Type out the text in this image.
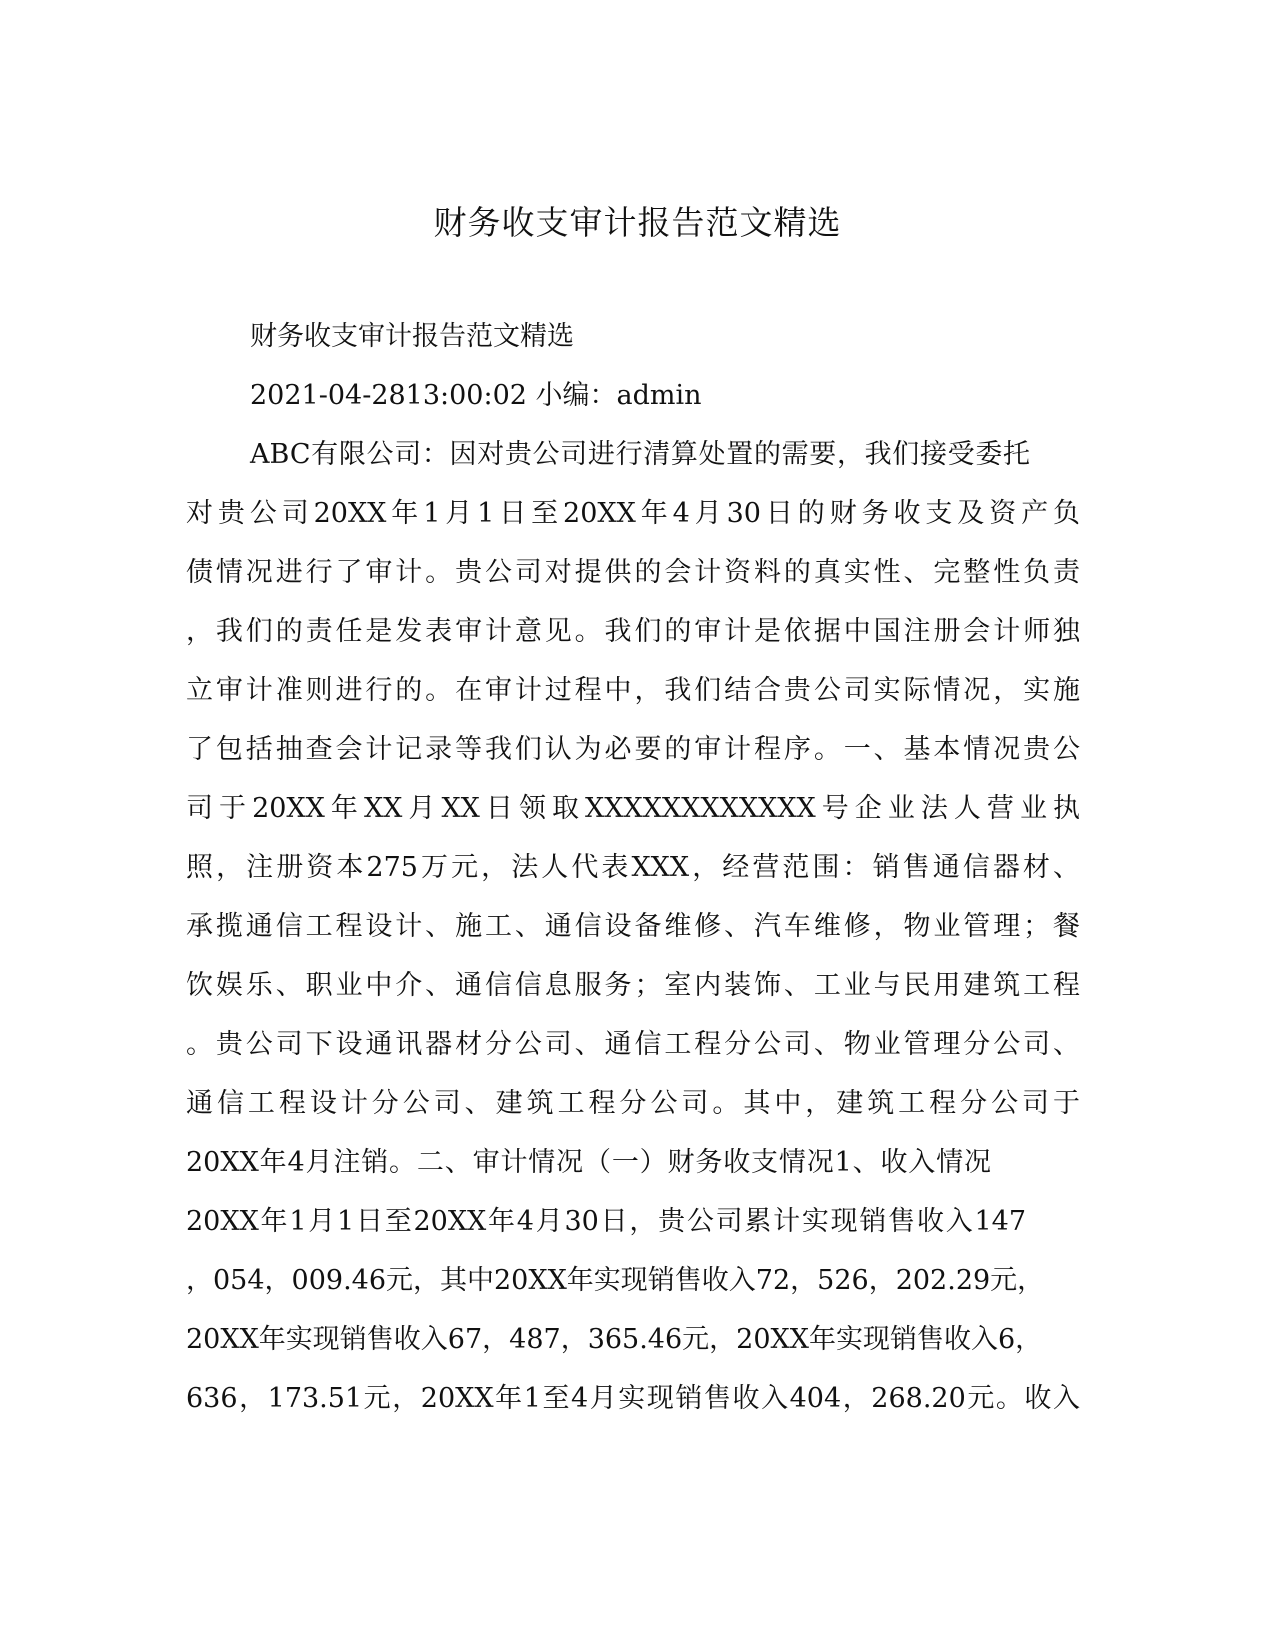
财务收支审计报告范文精选

财务收支审计报告范文精选

2021-04-2813:00:02 小编：admin

ABC有限公司：因对贵公司进行清算处置的需要，我们接受委托

对贵公司20XX年1月1日至20XX年4月30日的财务收支及资产负

债情况进行了审计。贵公司对提供的会计资料的真实性、完整性负责

，我们的责任是发表审计意见。我们的审计是依据中国注册会计师独

立审计准则进行的。在审计过程中，我们结合贵公司实际情况，实施

了包括抽查会计记录等我们认为必要的审计程序。一、基本情况贵公

司于20XX年XX月XX日领取XXXXXXXXXXXX号企业法人营业执

照，注册资本275万元，法人代表XXX，经营范围：销售通信器材、

承揽通信工程设计、施工、通信设备维修、汽车维修，物业管理；餐

饮娱乐、职业中介、通信信息服务；室内装饰、工业与民用建筑工程

。贵公司下设通讯器材分公司、通信工程分公司、物业管理分公司、

通信工程设计分公司、建筑工程分公司。其中，建筑工程分公司于

20XX年4月注销。二、审计情况（一）财务收支情况1、收入情况

20XX年1月1日至20XX年4月30日，贵公司累计实现销售收入147

，054，009.46元，其中20XX年实现销售收入72，526，202.29元，

20XX年实现销售收入67，487，365.46元，20XX年实现销售收入6，

636，173.51元，20XX年1至4月实现销售收入404，268.20元。收入
